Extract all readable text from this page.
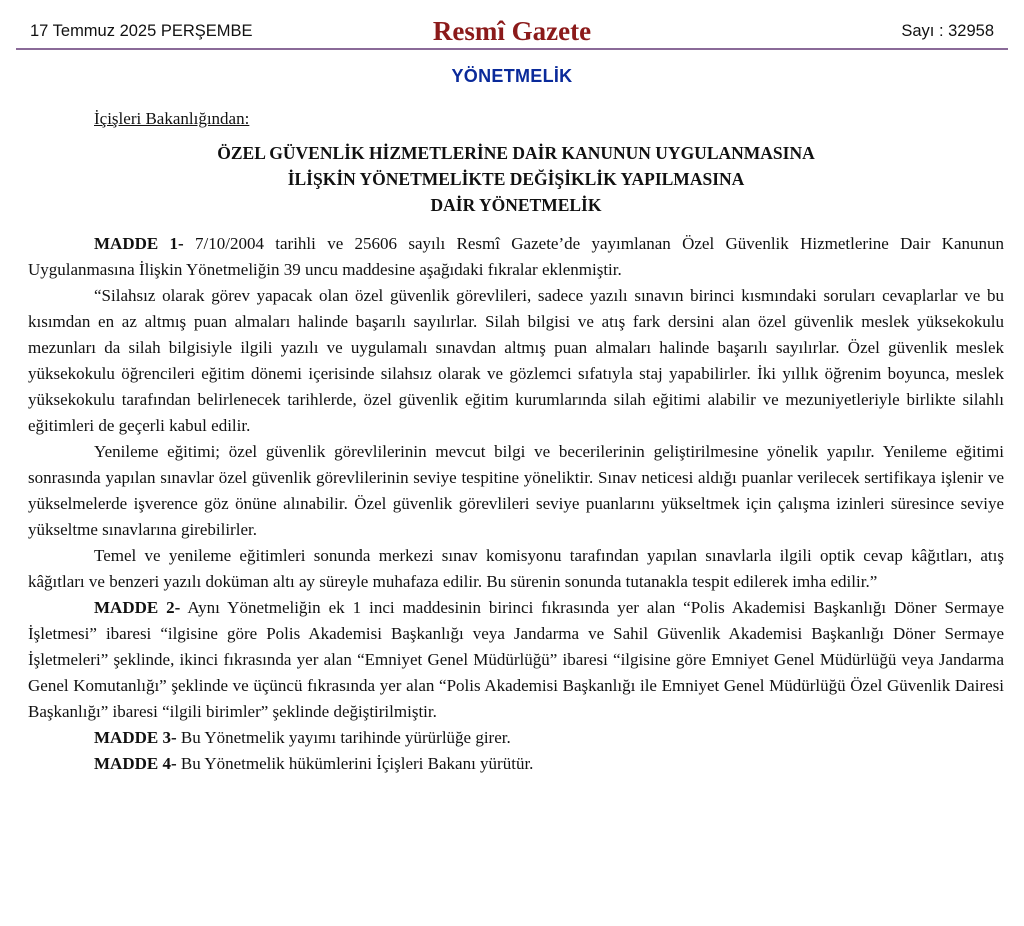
17 Temmuz 2025 PERŞEMBE	Resmî Gazete	Sayı : 32958
YÖNETMELİK
İçişleri Bakanlığından:
ÖZEL GÜVENLİK HİZMETLERİNE DAİR KANUNUN UYGULANMASINA
İLİŞKİN YÖNETMELİKTE DEĞİŞİKLİK YAPILMASINA
DAİR YÖNETMELİK

MADDE 1- 7/10/2004 tarihli ve 25606 sayılı Resmî Gazete’de yayımlanan Özel Güvenlik Hizmetlerine Dair Kanunun Uygulanmasına İlişkin Yönetmeliğin 39 uncu maddesine aşağıdaki fıkralar eklenmiştir.

“Silahsız olarak görev yapacak olan özel güvenlik görevlileri, sadece yazılı sınavın birinci kısmındaki soruları cevaplarlar ve bu kısımdan en az altmış puan almaları halinde başarılı sayılırlar. Silah bilgisi ve atış fark dersini alan özel güvenlik meslek yüksekokulu mezunları da silah bilgisiyle ilgili yazılı ve uygulamalı sınavdan altmış puan almaları halinde başarılı sayılırlar. Özel güvenlik meslek yüksekokulu öğrencileri eğitim dönemi içerisinde silahsız olarak ve gözlemci sıfatıyla staj yapabilirler. İki yıllık öğrenim boyunca, meslek yüksekokulu tarafından belirlenecek tarihlerde, özel güvenlik eğitim kurumlarında silah eğitimi alabilir ve mezuniyetleriyle birlikte silahlı eğitimleri de geçerli kabul edilir.

Yenileme eğitimi; özel güvenlik görevlilerinin mevcut bilgi ve becerilerinin geliştirilmesine yönelik yapılır. Yenileme eğitimi sonrasında yapılan sınavlar özel güvenlik görevlilerinin seviye tespitine yöneliktir. Sınav neticesi aldığı puanlar verilecek sertifikaya işlenir ve yükselmelerde işverence göz önüne alınabilir. Özel güvenlik görevlileri seviye puanlarını yükseltmek için çalışma izinleri süresince seviye yükseltme sınavlarına girebilirler.

Temel ve yenileme eğitimleri sonunda merkezi sınav komisyonu tarafından yapılan sınavlarla ilgili optik cevap kâğıtları, atış kâğıtları ve benzeri yazılı doküman altı ay süreyle muhafaza edilir. Bu sürenin sonunda tutanakla tespit edilerek imha edilir.”

MADDE 2- Aynı Yönetmeliğin ek 1 inci maddesinin birinci fıkrasında yer alan “Polis Akademisi Başkanlığı Döner Sermaye İşletmesi” ibaresi “ilgisine göre Polis Akademisi Başkanlığı veya Jandarma ve Sahil Güvenlik Akademisi Başkanlığı Döner Sermaye İşletmeleri” şeklinde, ikinci fıkrasında yer alan “Emniyet Genel Müdürlüğü” ibaresi “ilgisine göre Emniyet Genel Müdürlüğü veya Jandarma Genel Komutanlığı” şeklinde ve üçüncü fıkrasında yer alan “Polis Akademisi Başkanlığı ile Emniyet Genel Müdürlüğü Özel Güvenlik Dairesi Başkanlığı” ibaresi “ilgili birimler” şeklinde değiştirilmiştir.

MADDE 3- Bu Yönetmelik yayımı tarihinde yürürlüğe girer.

MADDE 4- Bu Yönetmelik hükümlerini İçişleri Bakanı yürütür.
